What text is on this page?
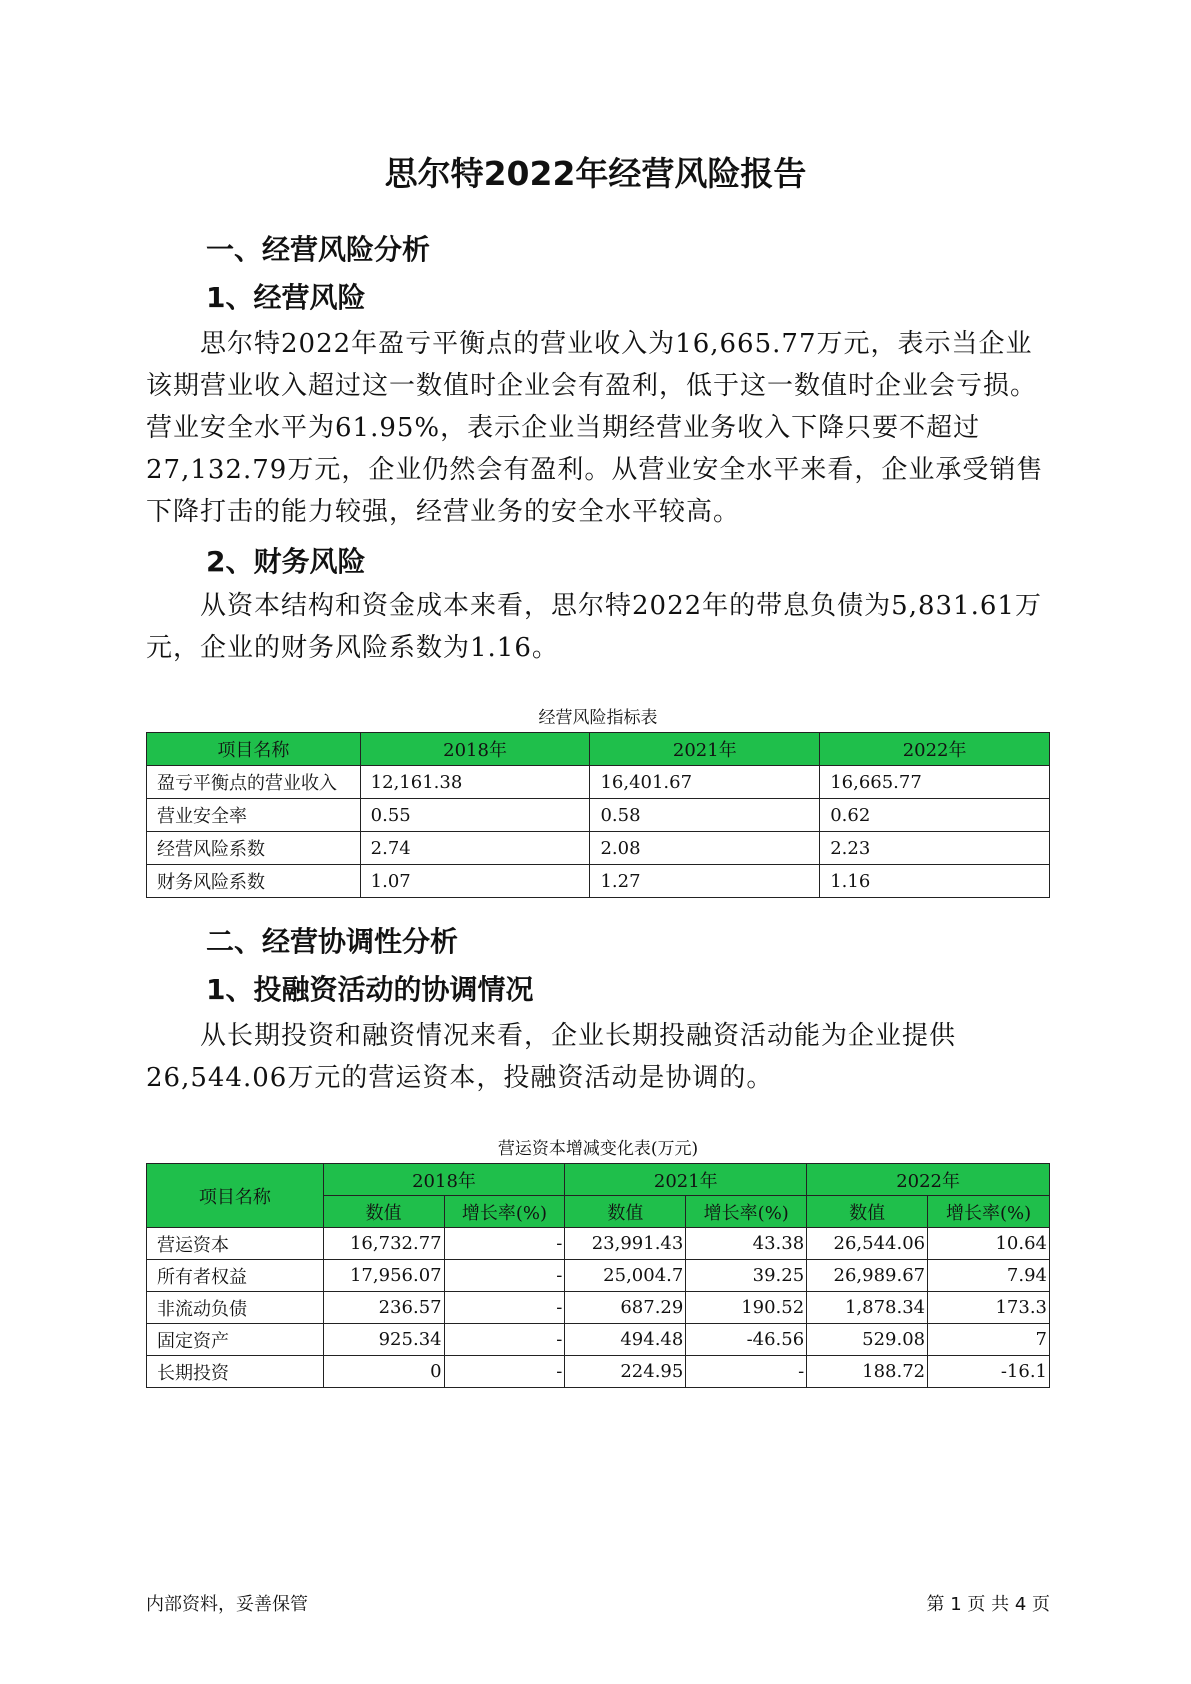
思尔特2022年经营风险报告
一、经营风险分析
1、经营风险

思尔特2022年盈亏平衡点的营业收入为16,665.77万元，表示当企业该期营业收入超过这一数值时企业会有盈利，低于这一数值时企业会亏损。营业安全水平为61.95%，表示企业当期经营业务收入下降只要不超过27,132.79万元，企业仍然会有盈利。从营业安全水平来看，企业承受销售下降打击的能力较强，经营业务的安全水平较高。

2、财务风险

从资本结构和资金成本来看，思尔特2022年的带息负债为5,831.61万元，企业的财务风险系数为1.16。

经营风险指标表
项目名称	2018年	2021年	2022年
盈亏平衡点的营业收入	12,161.38	16,401.67	16,665.77
营业安全率	0.55	0.58	0.62
经营风险系数	2.74	2.08	2.23
财务风险系数	1.07	1.27	1.16
二、经营协调性分析
1、投融资活动的协调情况

从长期投资和融资情况来看，企业长期投融资活动能为企业提供26,544.06万元的营运资本，投融资活动是协调的。

营运资本增减变化表(万元)
项目名称	2018年		2021年		2022年	
	数值	增长率(%)	数值	增长率(%)	数值	增长率(%)
营运资本	16,732.77	-	23,991.43	43.38	26,544.06	10.64
所有者权益	17,956.07	-	25,004.7	39.25	26,989.67	7.94
非流动负债	236.57	-	687.29	190.52	1,878.34	173.3
固定资产	925.34	-	494.48	-46.56	529.08	7
长期投资	0	-	224.95	-	188.72	-16.1
内部资料，妥善保管	第 1 页 共 4 页
